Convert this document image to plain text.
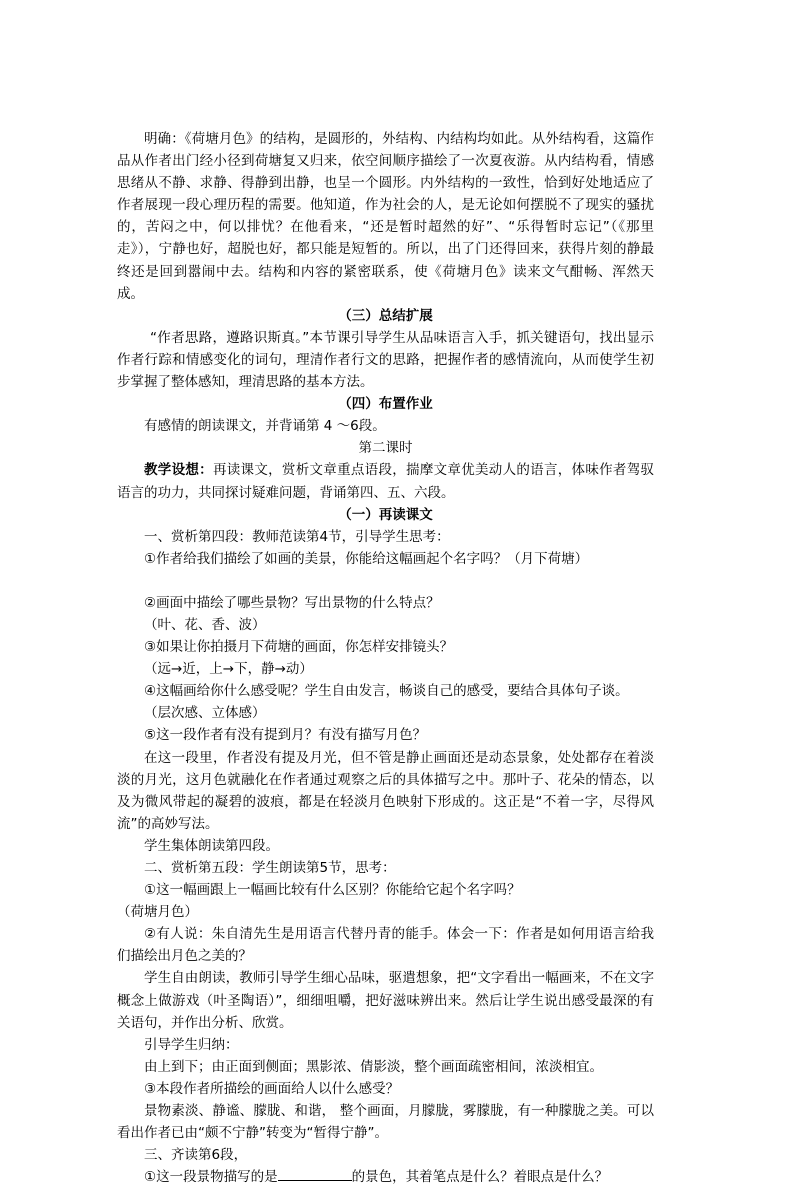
明确：《荷塘月色》的结构，是圆形的，外结构、内结构均如此。从外结构看，这篇作品从作者出门经小径到荷塘复又归来，依空间顺序描绘了一次夏夜游。从内结构看，情感思绪从不静、求静、得静到出静，也呈一个圆形。内外结构的一致性，恰到好处地适应了作者展现一段心理历程的需要。他知道，作为社会的人，是无论如何摆脱不了现实的骚扰的，苦闷之中，何以排忧？在他看来，“还是暂时超然的好”、“乐得暂时忘记”（《那里走》），宁静也好，超脱也好，都只能是短暂的。所以，出了门还得回来，获得片刻的静最终还是回到嚣闹中去。结构和内容的紧密联系，使《荷塘月色》读来文气酣畅、浑然天成。

（三）总结扩展

“作者思路，遵路识斯真。”本节课引导学生从品味语言入手，抓关键语句，找出显示作者行踪和情感变化的词句，理清作者行文的思路，把握作者的感情流向，从而使学生初步掌握了整体感知，理清思路的基本方法。

（四）布置作业

有感情的朗读课文，并背诵第 4 ～6段。

第二课时

教学设想：再读课文，赏析文章重点语段，揣摩文章优美动人的语言，体味作者驾驭语言的功力，共同探讨疑难问题，背诵第四、五、六段。

（一）再读课文

一、赏析第四段：教师范读第4节，引导学生思考：

①作者给我们描绘了如画的美景，你能给这幅画起个名字吗？（月下荷塘）

②画面中描绘了哪些景物？写出景物的什么特点？

（叶、花、香、波）

③如果让你拍摄月下荷塘的画面，你怎样安排镜头？

（远→近，上→下，静→动）

④这幅画给你什么感受呢？学生自由发言，畅谈自己的感受，要结合具体句子谈。

（层次感、立体感）

⑤这一段作者有没有提到月？有没有描写月色？

在这一段里，作者没有提及月光，但不管是静止画面还是动态景象，处处都存在着淡淡的月光，这月色就融化在作者通过观察之后的具体描写之中。那叶子、花朵的情态，以及为微风带起的凝碧的波痕，都是在轻淡月色映射下形成的。这正是“不着一字，尽得风流”的高妙写法。

学生集体朗读第四段。

二、赏析第五段：学生朗读第5节，思考：

①这一幅画跟上一幅画比较有什么区别？你能给它起个名字吗？

（荷塘月色）

②有人说：朱自清先生是用语言代替丹青的能手。体会一下：作者是如何用语言给我们描绘出月色之美的？

学生自由朗读，教师引导学生细心品味，驱遣想象，把“文字看出一幅画来，不在文字概念上做游戏（叶圣陶语）”，细细咀嚼，把好滋味辨出来。然后让学生说出感受最深的有关语句，并作出分析、欣赏。

引导学生归纳：

由上到下；由正面到侧面；黑影浓、倩影淡，整个画面疏密相间，浓淡相宜。

③本段作者所描绘的画面给人以什么感受？

景物素淡、静谧、朦胧、和谐， 整个画面，月朦胧，雾朦胧，有一种朦胧之美。可以看出作者已由“颇不宁静”转变为“暂得宁静”。

三、齐读第6段，

①这一段景物描写的是	的景色，其着笔点是什么？着眼点是什么？
